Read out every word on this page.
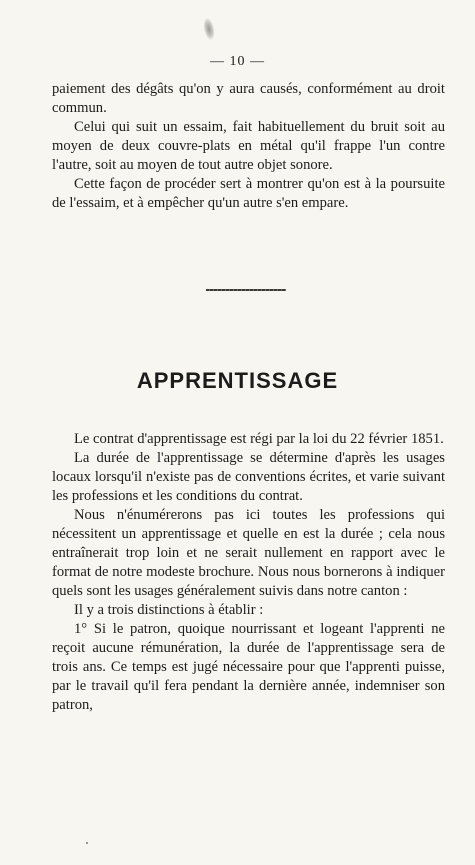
— 10 —

paiement des dégâts qu'on y aura causés, conformément au droit commun.

Celui qui suit un essaim, fait habituellement du bruit soit au moyen de deux couvre-plats en métal qu'il frappe l'un contre l'autre, soit au moyen de tout autre objet sonore.

Cette façon de procéder sert à montrer qu'on est à la poursuite de l'essaim, et à empêcher qu'un autre s'en empare.

APPRENTISSAGE

Le contrat d'apprentissage est régi par la loi du 22 février 1851.

La durée de l'apprentissage se détermine d'après les usages locaux lorsqu'il n'existe pas de conventions écrites, et varie suivant les professions et les conditions du contrat.

Nous n'énumérerons pas ici toutes les professions qui nécessitent un apprentissage et quelle en est la durée ; cela nous entraînerait trop loin et ne serait nullement en rapport avec le format de notre modeste brochure. Nous nous bornerons à indiquer quels sont les usages généralement suivis dans notre canton :

Il y a trois distinctions à établir :

1° Si le patron, quoique nourrissant et logeant l'apprenti ne reçoit aucune rémunération, la durée de l'apprentissage sera de trois ans. Ce temps est jugé nécessaire pour que l'apprenti puisse, par le travail qu'il fera pendant la dernière année, indemniser son patron,
